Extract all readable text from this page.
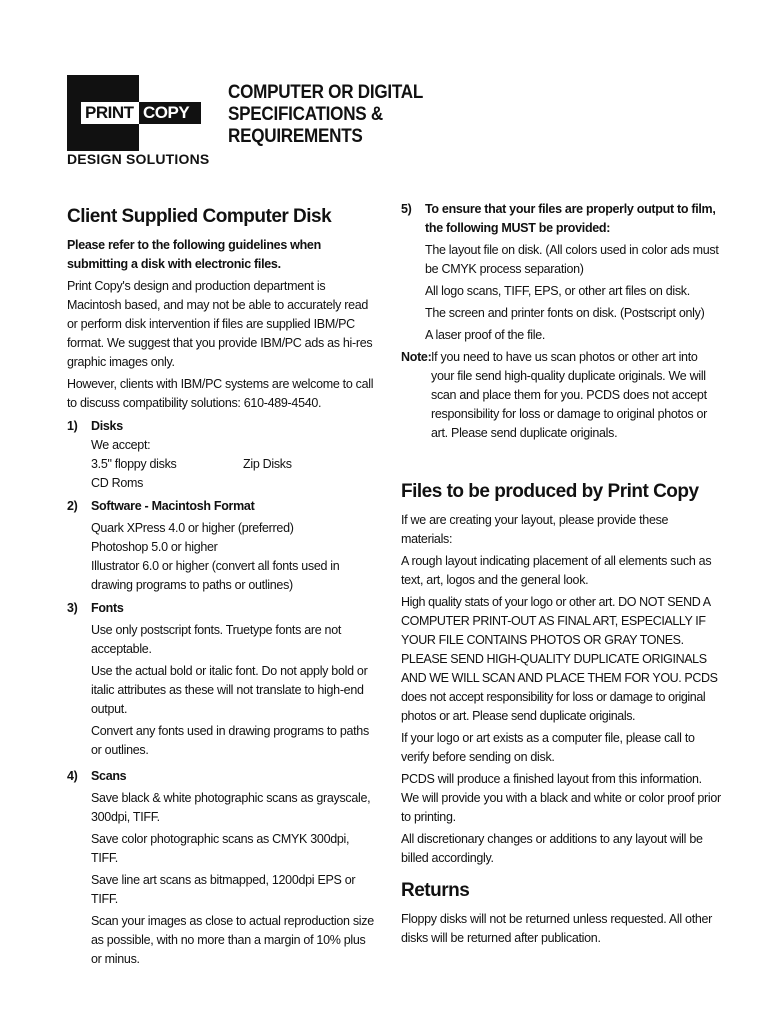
PRINT COPY
DESIGN SOLUTIONS
COMPUTER OR DIGITAL
SPECIFICATIONS &
REQUIREMENTS
Client Supplied Computer Disk

Please refer to the following guidelines when submitting a disk with electronic files.

Print Copy's design and production department is Macintosh based, and may not be able to accurately read or perform disk intervention if files are supplied IBM/PC format. We suggest that you provide IBM/PC ads as hi-res graphic images only.

However, clients with IBM/PC systems are welcome to call to discuss compatibility solutions: 610-489-4540.

1)	Disks
We accept:
3.5" floppy disks	Zip Disks
CD Roms
2)	Software - Macintosh Format
Quark XPress 4.0 or higher (preferred)
Photoshop 5.0 or higher
Illustrator 6.0 or higher (convert all fonts used in drawing programs to paths or outlines)
3)	Fonts

Use only postscript fonts. Truetype fonts are not acceptable.

Use the actual bold or italic font. Do not apply bold or italic attributes as these will not translate to high-end output.

Convert any fonts used in drawing programs to paths or outlines.

4)	Scans

Save black & white photographic scans as grayscale, 300dpi, TIFF.

Save color photographic scans as CMYK 300dpi, TIFF.

Save line art scans as bitmapped, 1200dpi EPS or TIFF.

Scan your images as close to actual reproduction size as possible, with no more than a margin of 10% plus or minus.

5)	To ensure that your files are properly output to film, the following MUST be provided:

The layout file on disk. (All colors used in color ads must be CMYK process separation)

All logo scans, TIFF, EPS, or other art files on disk.

The screen and printer fonts on disk. (Postscript only)

A laser proof of the file.

Note: If you need to have us scan photos or other art into your file send high-quality duplicate originals. We will scan and place them for you. PCDS does not accept responsibility for loss or damage to original photos or art. Please send duplicate originals.
Files to be produced by Print Copy

If we are creating your layout, please provide these materials:

A rough layout indicating placement of all elements such as text, art, logos and the general look.

High quality stats of your logo or other art. DO NOT SEND A COMPUTER PRINT-OUT AS FINAL ART, ESPECIALLY IF YOUR FILE CONTAINS PHOTOS OR GRAY TONES. PLEASE SEND HIGH-QUALITY DUPLICATE ORIGINALS AND WE WILL SCAN AND PLACE THEM FOR YOU. PCDS does not accept responsibility for loss or damage to original photos or art. Please send duplicate originals.

If your logo or art exists as a computer file, please call to verify before sending on disk.

PCDS will produce a finished layout from this information. We will provide you with a black and white or color proof prior to printing.

All discretionary changes or additions to any layout will be billed accordingly.

Returns

Floppy disks will not be returned unless requested. All other disks will be returned after publication.
